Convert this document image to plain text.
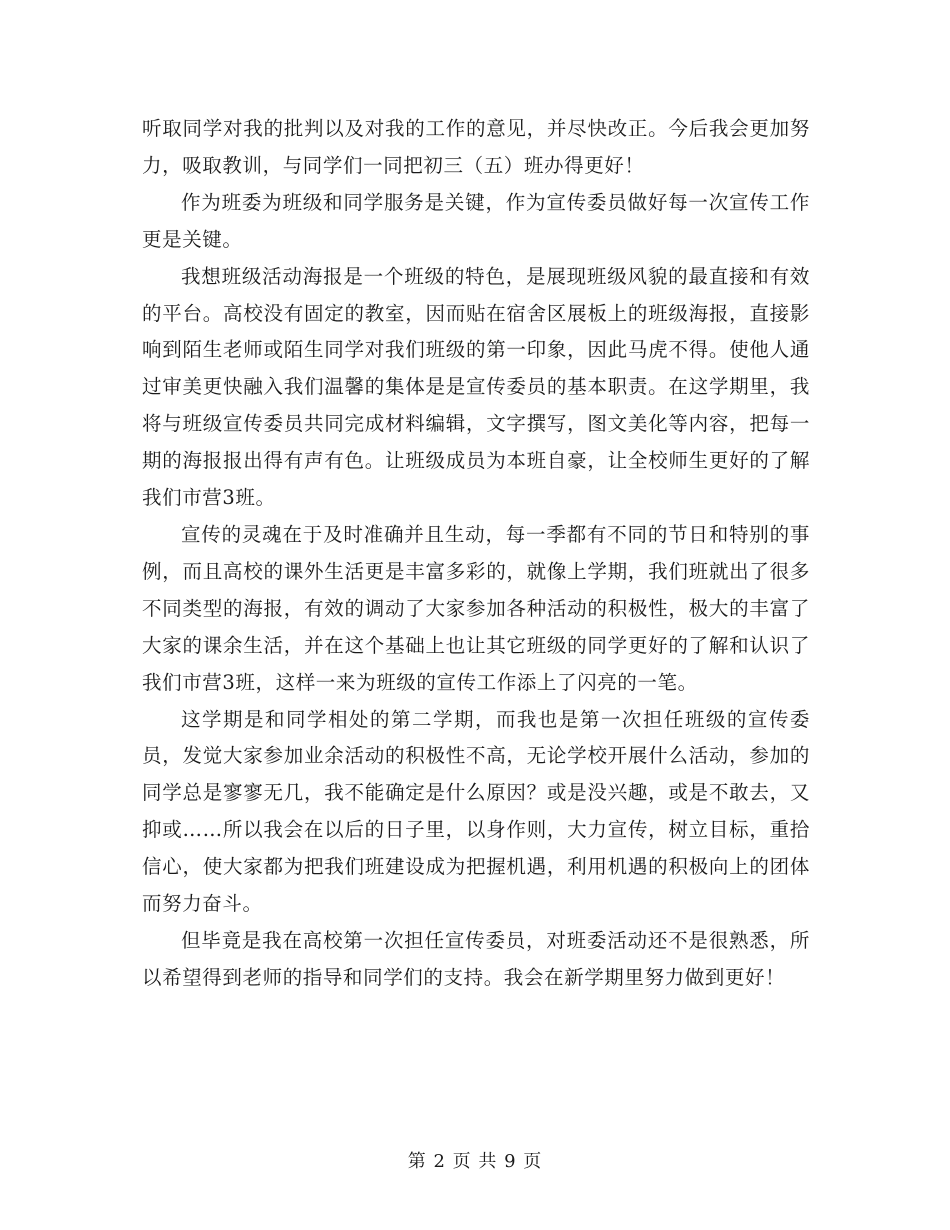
听取同学对我的批判以及对我的工作的意见，并尽快改正。今后我会更加努力，吸取教训，与同学们一同把初三（五）班办得更好！

作为班委为班级和同学服务是关键，作为宣传委员做好每一次宣传工作更是关键。

我想班级活动海报是一个班级的特色，是展现班级风貌的最直接和有效的平台。高校没有固定的教室，因而贴在宿舍区展板上的班级海报，直接影响到陌生老师或陌生同学对我们班级的第一印象，因此马虎不得。使他人通过审美更快融入我们温馨的集体是是宣传委员的基本职责。在这学期里，我将与班级宣传委员共同完成材料编辑，文字撰写，图文美化等内容，把每一期的海报报出得有声有色。让班级成员为本班自豪，让全校师生更好的了解我们市营3班。

宣传的灵魂在于及时准确并且生动，每一季都有不同的节日和特别的事例，而且高校的课外生活更是丰富多彩的，就像上学期，我们班就出了很多不同类型的海报，有效的调动了大家参加各种活动的积极性，极大的丰富了大家的课余生活，并在这个基础上也让其它班级的同学更好的了解和认识了我们市营3班，这样一来为班级的宣传工作添上了闪亮的一笔。

这学期是和同学相处的第二学期，而我也是第一次担任班级的宣传委员，发觉大家参加业余活动的积极性不高，无论学校开展什么活动，参加的同学总是寥寥无几，我不能确定是什么原因？或是没兴趣，或是不敢去，又抑或……所以我会在以后的日子里，以身作则，大力宣传，树立目标，重拾信心，使大家都为把我们班建设成为把握机遇，利用机遇的积极向上的团体而努力奋斗。

但毕竟是我在高校第一次担任宣传委员，对班委活动还不是很熟悉，所以希望得到老师的指导和同学们的支持。我会在新学期里努力做到更好！

第 2 页 共 9 页
